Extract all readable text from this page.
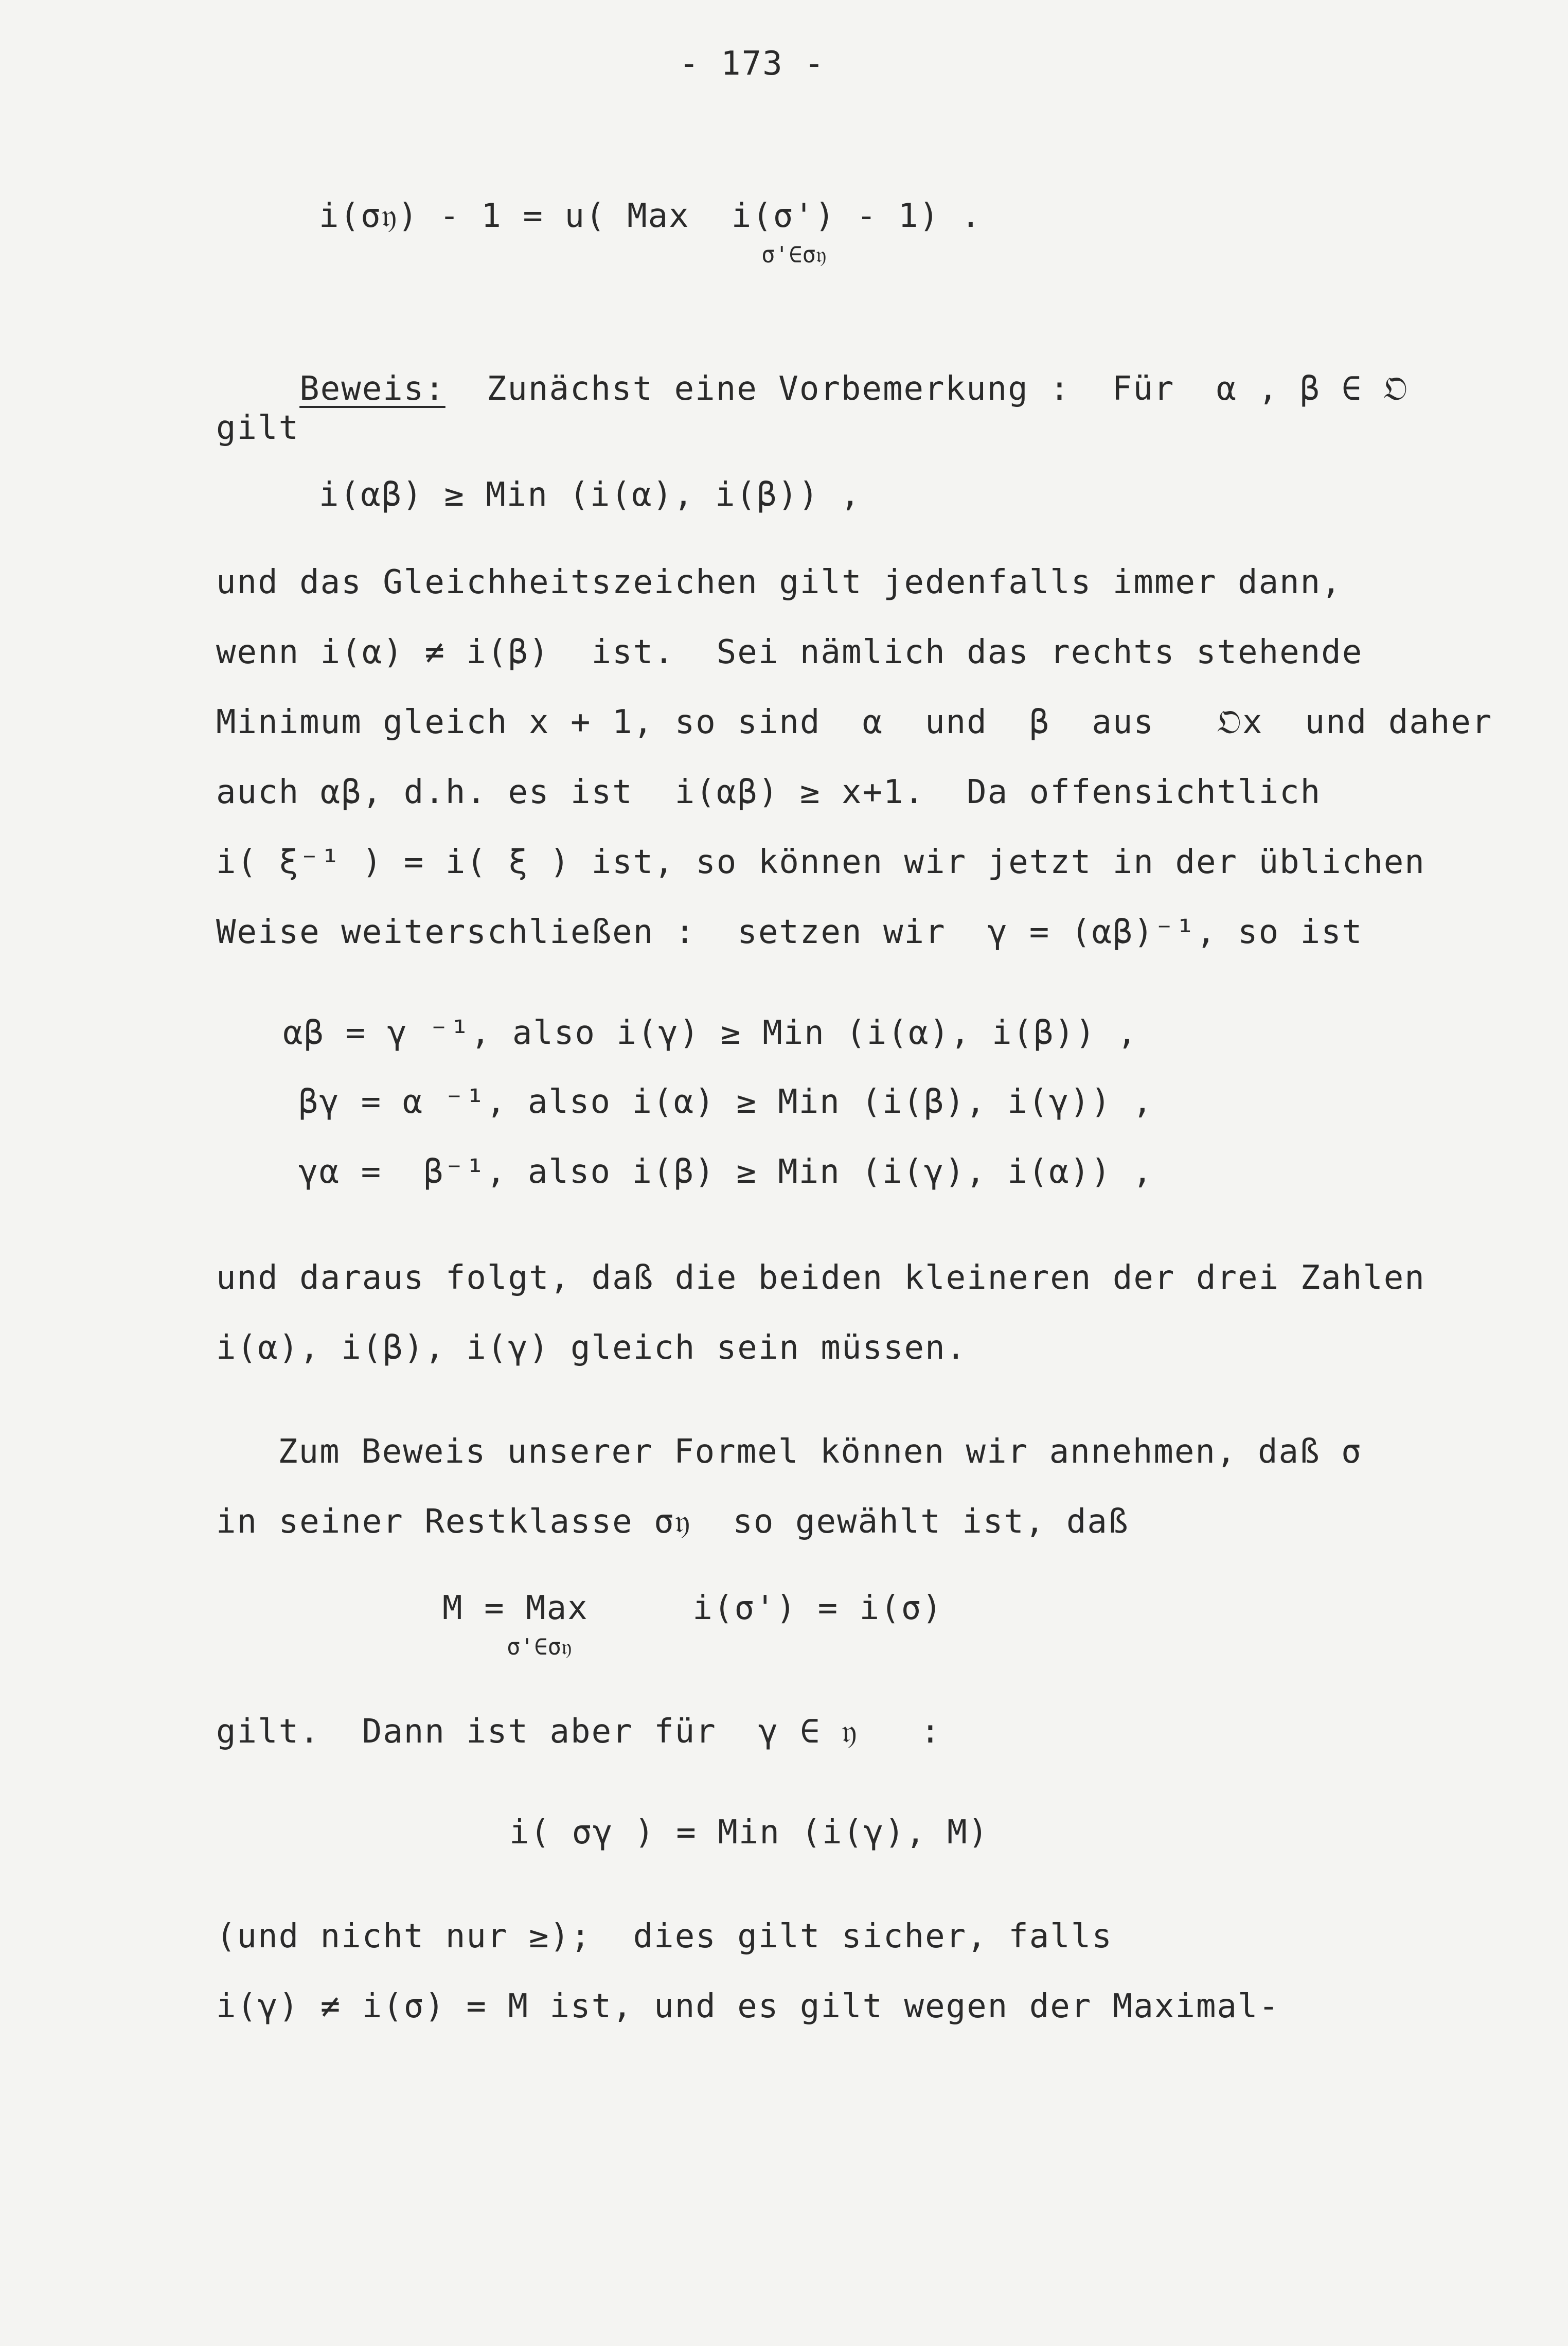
- 173 -
i(σ𝔶) - 1 = u( Max  i(σ') - 1) .
σ'∈σ𝔶

Beweis: Zunächst eine Vorbemerkung :  Für  α , β ∈ 𝔒

gilt
i(αβ) ≥ Min (i(α), i(β)) ,
und das Gleichheitszeichen gilt jedenfalls immer dann,
wenn i(α) ≠ i(β)  ist.  Sei nämlich das rechts stehende
Minimum gleich x + 1, so sind  α  und  β  aus   𝔒x  und daher
auch αβ, d.h. es ist  i(αβ) ≥ x+1.  Da offensichtlich
i( ξ⁻¹ ) = i( ξ ) ist, so können wir jetzt in der üblichen
Weise weiterschließen :  setzen wir  γ = (αβ)⁻¹, so ist
αβ = γ ⁻¹, also i(γ) ≥ Min (i(α), i(β)) ,
βγ = α ⁻¹, also i(α) ≥ Min (i(β), i(γ)) ,
γα =  β⁻¹, also i(β) ≥ Min (i(γ), i(α)) ,
und daraus folgt, daß die beiden kleineren der drei Zahlen
i(α), i(β), i(γ) gleich sein müssen.
Zum Beweis unserer Formel können wir annehmen, daß σ
in seiner Restklasse σ𝔶  so gewählt ist, daß
M = Max     i(σ') = i(σ)
σ'∈σ𝔶
gilt.  Dann ist aber für  γ ∈ 𝔶   :
i( σγ ) = Min (i(γ), M)
(und nicht nur ≥);  dies gilt sicher, falls
i(γ) ≠ i(σ) = M ist, und es gilt wegen der Maximal-
